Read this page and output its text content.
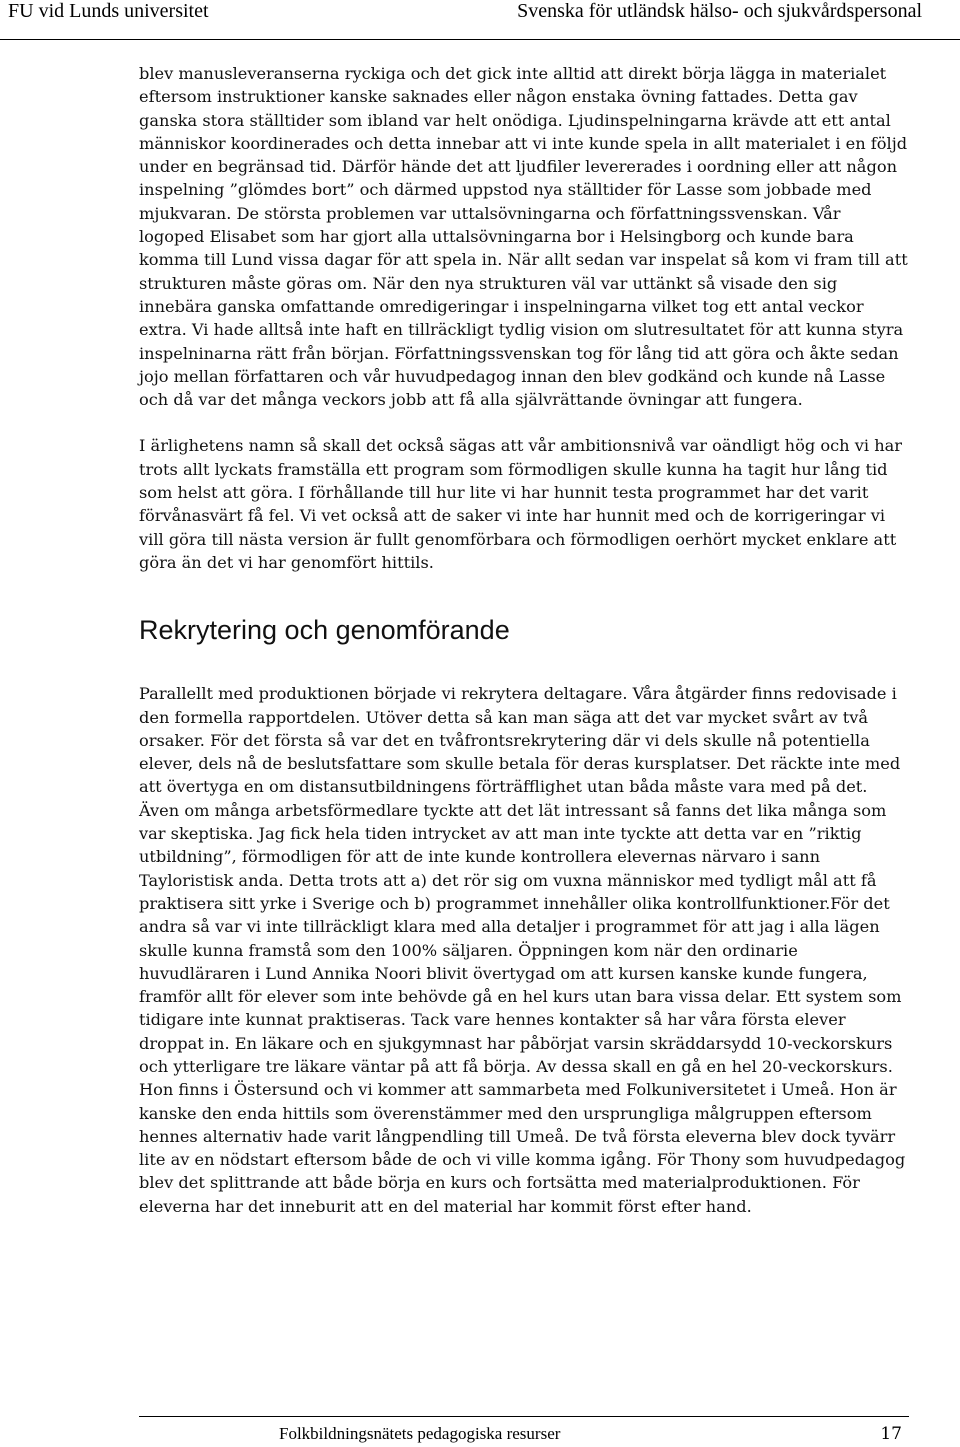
FU vid Lunds universitet	Svenska för utländsk hälso- och sjukvårdspersonal

blev manusleveranserna ryckiga och det gick inte alltid att direkt börja lägga in materialet eftersom instruktioner kanske saknades eller någon enstaka övning fattades. Detta gav ganska stora ställtider som ibland var helt onödiga. Ljudinspelningarna krävde att ett antal människor koordinerades och detta innebar att vi inte kunde spela in allt materialet i en följd under en begränsad tid. Därför hände det att ljudfiler levererades i oordning eller att någon inspelning ”glömdes bort” och därmed uppstod nya ställtider för Lasse som jobbade med mjukvaran. De största problemen var uttalsövningarna och författningssvenskan. Vår logoped Elisabet som har gjort alla uttalsövningarna bor i Helsingborg och kunde bara komma till Lund vissa dagar för att spela in. När allt sedan var inspelat så kom vi fram till att strukturen måste göras om. När den nya strukturen väl var uttänkt så visade den sig innebära ganska omfattande omredigeringar i inspelningarna vilket tog ett antal veckor extra. Vi hade alltså inte haft en tillräckligt tydlig vision om slutresultatet för att kunna styra inspelninarna rätt från början. Författningssvenskan tog för lång tid att göra och åkte sedan jojo mellan författaren och vår huvudpedagog innan den blev godkänd och kunde nå Lasse och då var det många veckors jobb att få alla självrättande övningar att fungera.

I ärlighetens namn så skall det också sägas att vår ambitionsnivå var oändligt hög och vi har trots allt lyckats framställa ett program som förmodligen skulle kunna ha tagit hur lång tid som helst att göra. I förhållande till hur lite vi har hunnit testa programmet har det varit förvånasvärt få fel. Vi vet också att de saker vi inte har hunnit med och de korrigeringar vi vill göra till nästa version är fullt genomförbara och förmodligen oerhört mycket enklare att göra än det vi har genomfört hittils.

Rekrytering och genomförande

Parallellt med produktionen började vi rekrytera deltagare. Våra åtgärder finns redovisade i den formella rapportdelen. Utöver detta så kan man säga att det var mycket svårt av två orsaker. För det första så var det en tvåfrontsrekrytering där vi dels skulle nå potentiella elever, dels nå de beslutsfattare som skulle betala för deras kursplatser. Det räckte inte med att övertyga en om distansutbildningens förträfflighet utan båda måste vara med på det. Även om många arbetsförmedlare tyckte att det lät intressant så fanns det lika många som var skeptiska. Jag fick hela tiden intrycket av att man inte tyckte att detta var en ”riktig utbildning”, förmodligen för att de inte kunde kontrollera elevernas närvaro i sann Tayloristisk anda. Detta trots att a) det rör sig om vuxna människor med tydligt mål att få praktisera sitt yrke i Sverige och b) programmet innehåller olika kontrollfunktioner.För det andra så var vi inte tillräckligt klara med alla detaljer i programmet för att jag i alla lägen skulle kunna framstå som den 100% säljaren. Öppningen kom när den ordinarie huvudläraren i Lund Annika Noori blivit övertygad om att kursen kanske kunde fungera, framför allt för elever som inte behövde gå en hel kurs utan bara vissa delar. Ett system som tidigare inte kunnat praktiseras. Tack vare hennes kontakter så har våra första elever droppat in. En läkare och en sjukgymnast har påbörjat varsin skräddarsydd 10-veckorskurs och ytterligare tre läkare väntar på att få börja. Av dessa skall en gå en hel 20-veckorskurs. Hon finns i Östersund och vi kommer att sammarbeta med Folkuniversitetet i Umeå. Hon är kanske den enda hittils som överenstämmer med den ursprungliga målgruppen eftersom hennes alternativ hade varit långpendling till Umeå. De två första eleverna blev dock tyvärr lite av en nödstart eftersom både de och vi ville komma igång. För Thony som huvudpedagog blev det splittrande att både börja en kurs och fortsätta med materialproduktionen. För eleverna har det inneburit att en del material har kommit först efter hand.

Folkbildningsnätets pedagogiska resurser	17
